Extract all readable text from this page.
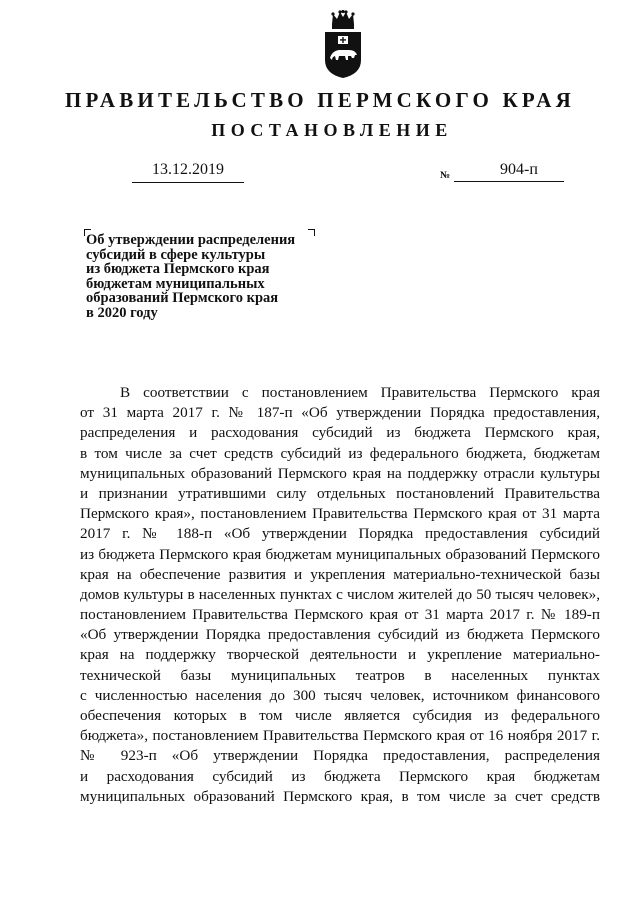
ПРАВИТЕЛЬСТВО ПЕРМСКОГО КРАЯ
ПОСТАНОВЛЕНИЕ
13.12.2019	№	904-п
Об утверждении распределения
субсидий в сфере культуры
из бюджета Пермского края
бюджетам муниципальных
образований Пермского края
в 2020 году
В соответствии с постановлением Правительства Пермского края
от 31 марта 2017 г. № 187-п «Об утверждении Порядка предоставления,
распределения и расходования субсидий из бюджета Пермского края,
в том числе за счет средств субсидий из федерального бюджета, бюджетам
муниципальных образований Пермского края на поддержку отрасли культуры
и признании утратившими силу отдельных постановлений Правительства
Пермского края», постановлением Правительства Пермского края от 31 марта
2017 г. № 188-п «Об утверждении Порядка предоставления субсидий
из бюджета Пермского края бюджетам муниципальных образований Пермского
края на обеспечение развития и укрепления материально-технической базы
домов культуры в населенных пунктах с числом жителей до 50 тысяч человек»,
постановлением Правительства Пермского края от 31 марта 2017 г. № 189-п
«Об утверждении Порядка предоставления субсидий из бюджета Пермского
края на поддержку творческой деятельности и укрепление материально-
технической базы муниципальных театров в населенных пунктах
с численностью населения до 300 тысяч человек, источником финансового
обеспечения которых в том числе является субсидия из федерального
бюджета», постановлением Правительства Пермского края от 16 ноября 2017 г.
№ 923-п «Об утверждении Порядка предоставления, распределения
и расходования субсидий из бюджета Пермского края бюджетам
муниципальных образований Пермского края, в том числе за счет средств
